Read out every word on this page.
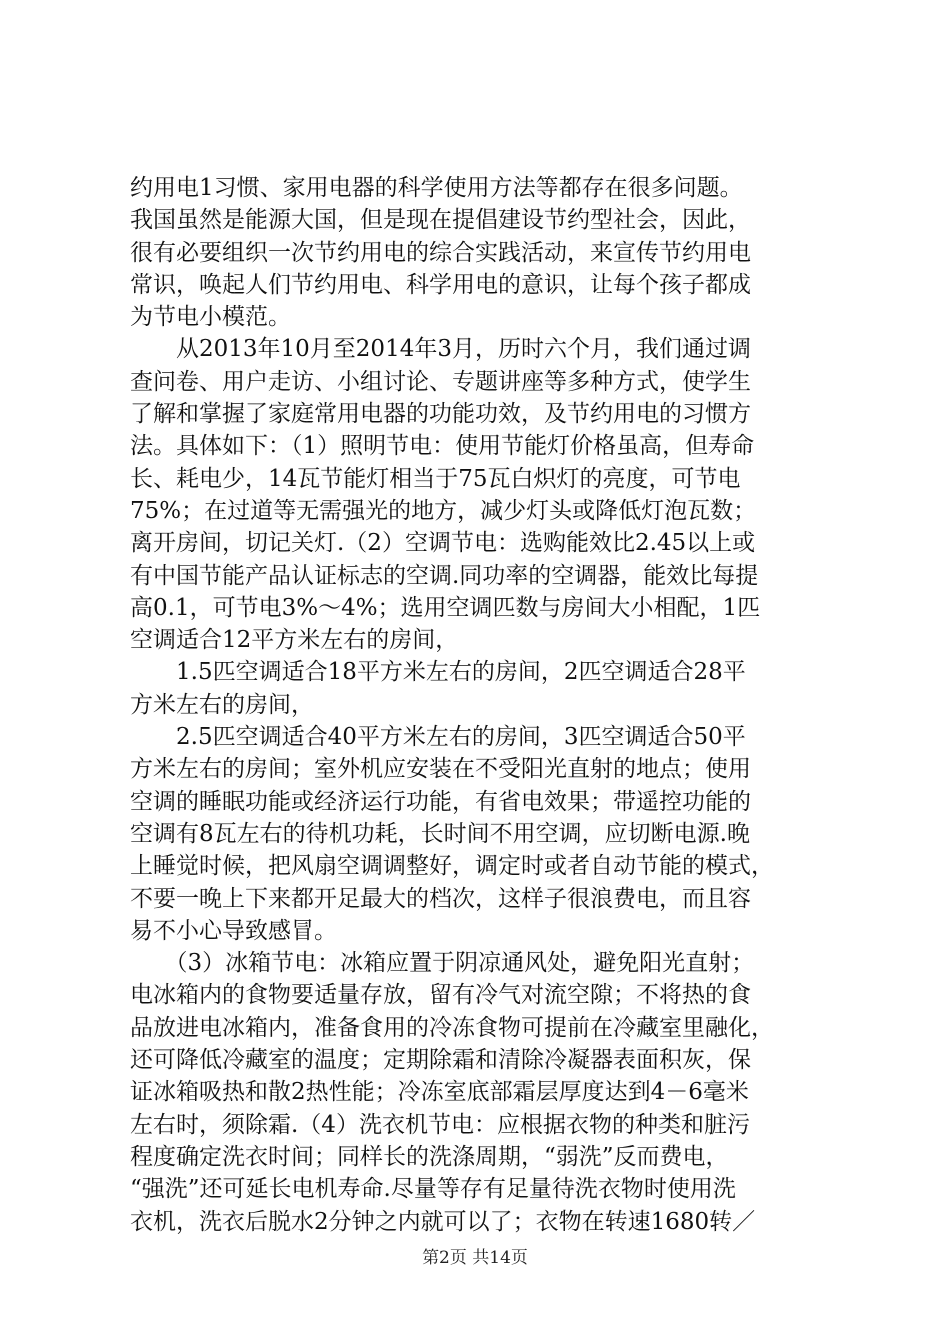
约用电1习惯、家用电器的科学使用方法等都存在很多问题。
我国虽然是能源大国，但是现在提倡建设节约型社会，因此，
很有必要组织一次节约用电的综合实践活动，来宣传节约用电
常识，唤起人们节约用电、科学用电的意识，让每个孩子都成
为节电小模范。
从2013年10月至2014年3月，历时六个月，我们通过调
查问卷、用户走访、小组讨论、专题讲座等多种方式，使学生
了解和掌握了家庭常用电器的功能功效，及节约用电的习惯方
法。具体如下：（1）照明节电：使用节能灯价格虽高，但寿命
长、耗电少，14瓦节能灯相当于75瓦白炽灯的亮度，可节电
75%；在过道等无需强光的地方，减少灯头或降低灯泡瓦数；
离开房间，切记关灯.（2）空调节电：选购能效比2.45以上或
有中国节能产品认证标志的空调.同功率的空调器，能效比每提
高0.1，可节电3%～4%；选用空调匹数与房间大小相配，1匹
空调适合12平方米左右的房间，
1.5匹空调适合18平方米左右的房间，2匹空调适合28平
方米左右的房间，
2.5匹空调适合40平方米左右的房间，3匹空调适合50平
方米左右的房间；室外机应安装在不受阳光直射的地点；使用
空调的睡眠功能或经济运行功能，有省电效果；带遥控功能的
空调有8瓦左右的待机功耗，长时间不用空调，应切断电源.晚
上睡觉时候，把风扇空调调整好，调定时或者自动节能的模式，
不要一晚上下来都开足最大的档次，这样子很浪费电，而且容
易不小心导致感冒。
（3）冰箱节电：冰箱应置于阴凉通风处，避免阳光直射；
电冰箱内的食物要适量存放，留有冷气对流空隙；不将热的食
品放进电冰箱内，准备食用的冷冻食物可提前在冷藏室里融化，
还可降低冷藏室的温度；定期除霜和清除冷凝器表面积灰，保
证冰箱吸热和散2热性能；冷冻室底部霜层厚度达到4－6毫米
左右时，须除霜.（4）洗衣机节电：应根据衣物的种类和脏污
程度确定洗衣时间；同样长的洗涤周期，“弱洗”反而费电，
“强洗”还可延长电机寿命.尽量等存有足量待洗衣物时使用洗
衣机，洗衣后脱水2分钟之内就可以了；衣物在转速1680转／
第2页 共14页
